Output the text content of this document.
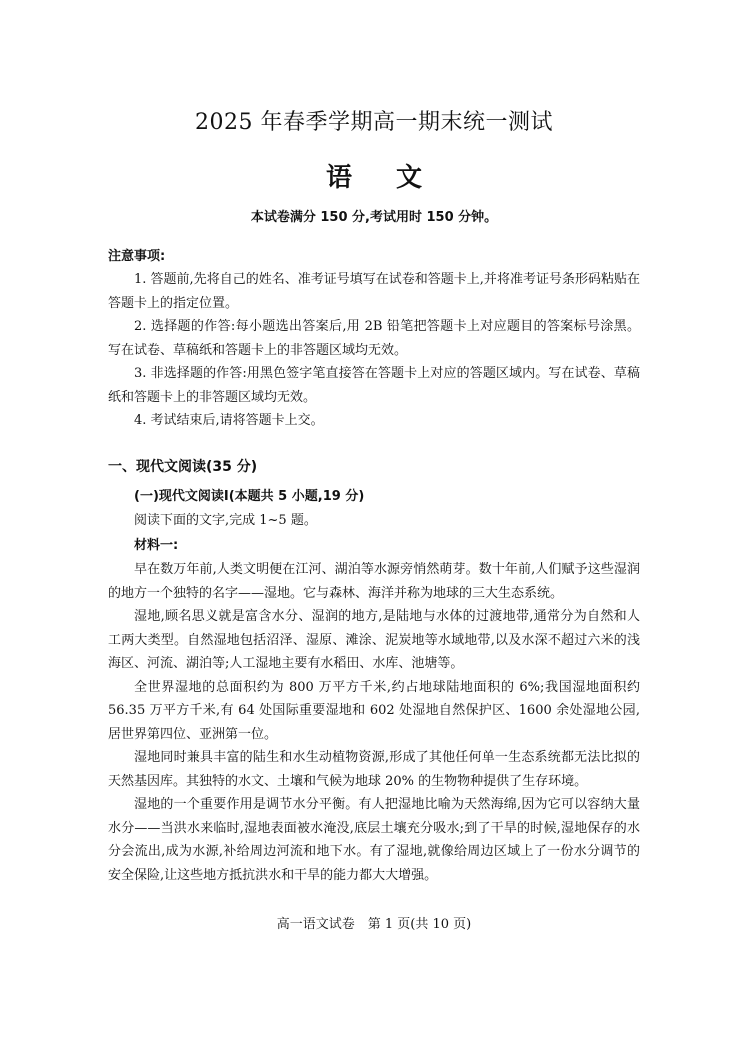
2025 年春季学期高一期末统一测试
语文
本试卷满分 150 分,考试用时 150 分钟。
注意事项:

1. 答题前,先将自己的姓名、准考证号填写在试卷和答题卡上,并将准考证号条形码粘贴在答题卡上的指定位置。

2. 选择题的作答:每小题选出答案后,用 2B 铅笔把答题卡上对应题目的答案标号涂黑。写在试卷、草稿纸和答题卡上的非答题区域均无效。

3. 非选择题的作答:用黑色签字笔直接答在答题卡上对应的答题区域内。写在试卷、草稿纸和答题卡上的非答题区域均无效。

4. 考试结束后,请将答题卡上交。

一、现代文阅读(35 分)
(一)现代文阅读Ⅰ(本题共 5 小题,19 分)
阅读下面的文字,完成 1~5 题。
材料一:

早在数万年前,人类文明便在江河、湖泊等水源旁悄然萌芽。数十年前,人们赋予这些湿润的地方一个独特的名字——湿地。它与森林、海洋并称为地球的三大生态系统。

湿地,顾名思义就是富含水分、湿润的地方,是陆地与水体的过渡地带,通常分为自然和人工两大类型。自然湿地包括沼泽、湿原、滩涂、泥炭地等水域地带,以及水深不超过六米的浅海区、河流、湖泊等;人工湿地主要有水稻田、水库、池塘等。

全世界湿地的总面积约为 800 万平方千米,约占地球陆地面积的 6%;我国湿地面积约 56.35 万平方千米,有 64 处国际重要湿地和 602 处湿地自然保护区、1600 余处湿地公园,居世界第四位、亚洲第一位。

湿地同时兼具丰富的陆生和水生动植物资源,形成了其他任何单一生态系统都无法比拟的天然基因库。其独特的水文、土壤和气候为地球 20% 的生物物种提供了生存环境。

湿地的一个重要作用是调节水分平衡。有人把湿地比喻为天然海绵,因为它可以容纳大量水分——当洪水来临时,湿地表面被水淹没,底层土壤充分吸水;到了干旱的时候,湿地保存的水分会流出,成为水源,补给周边河流和地下水。有了湿地,就像给周边区域上了一份水分调节的安全保险,让这些地方抵抗洪水和干旱的能力都大大增强。

高一语文试卷　第 1 页(共 10 页)
